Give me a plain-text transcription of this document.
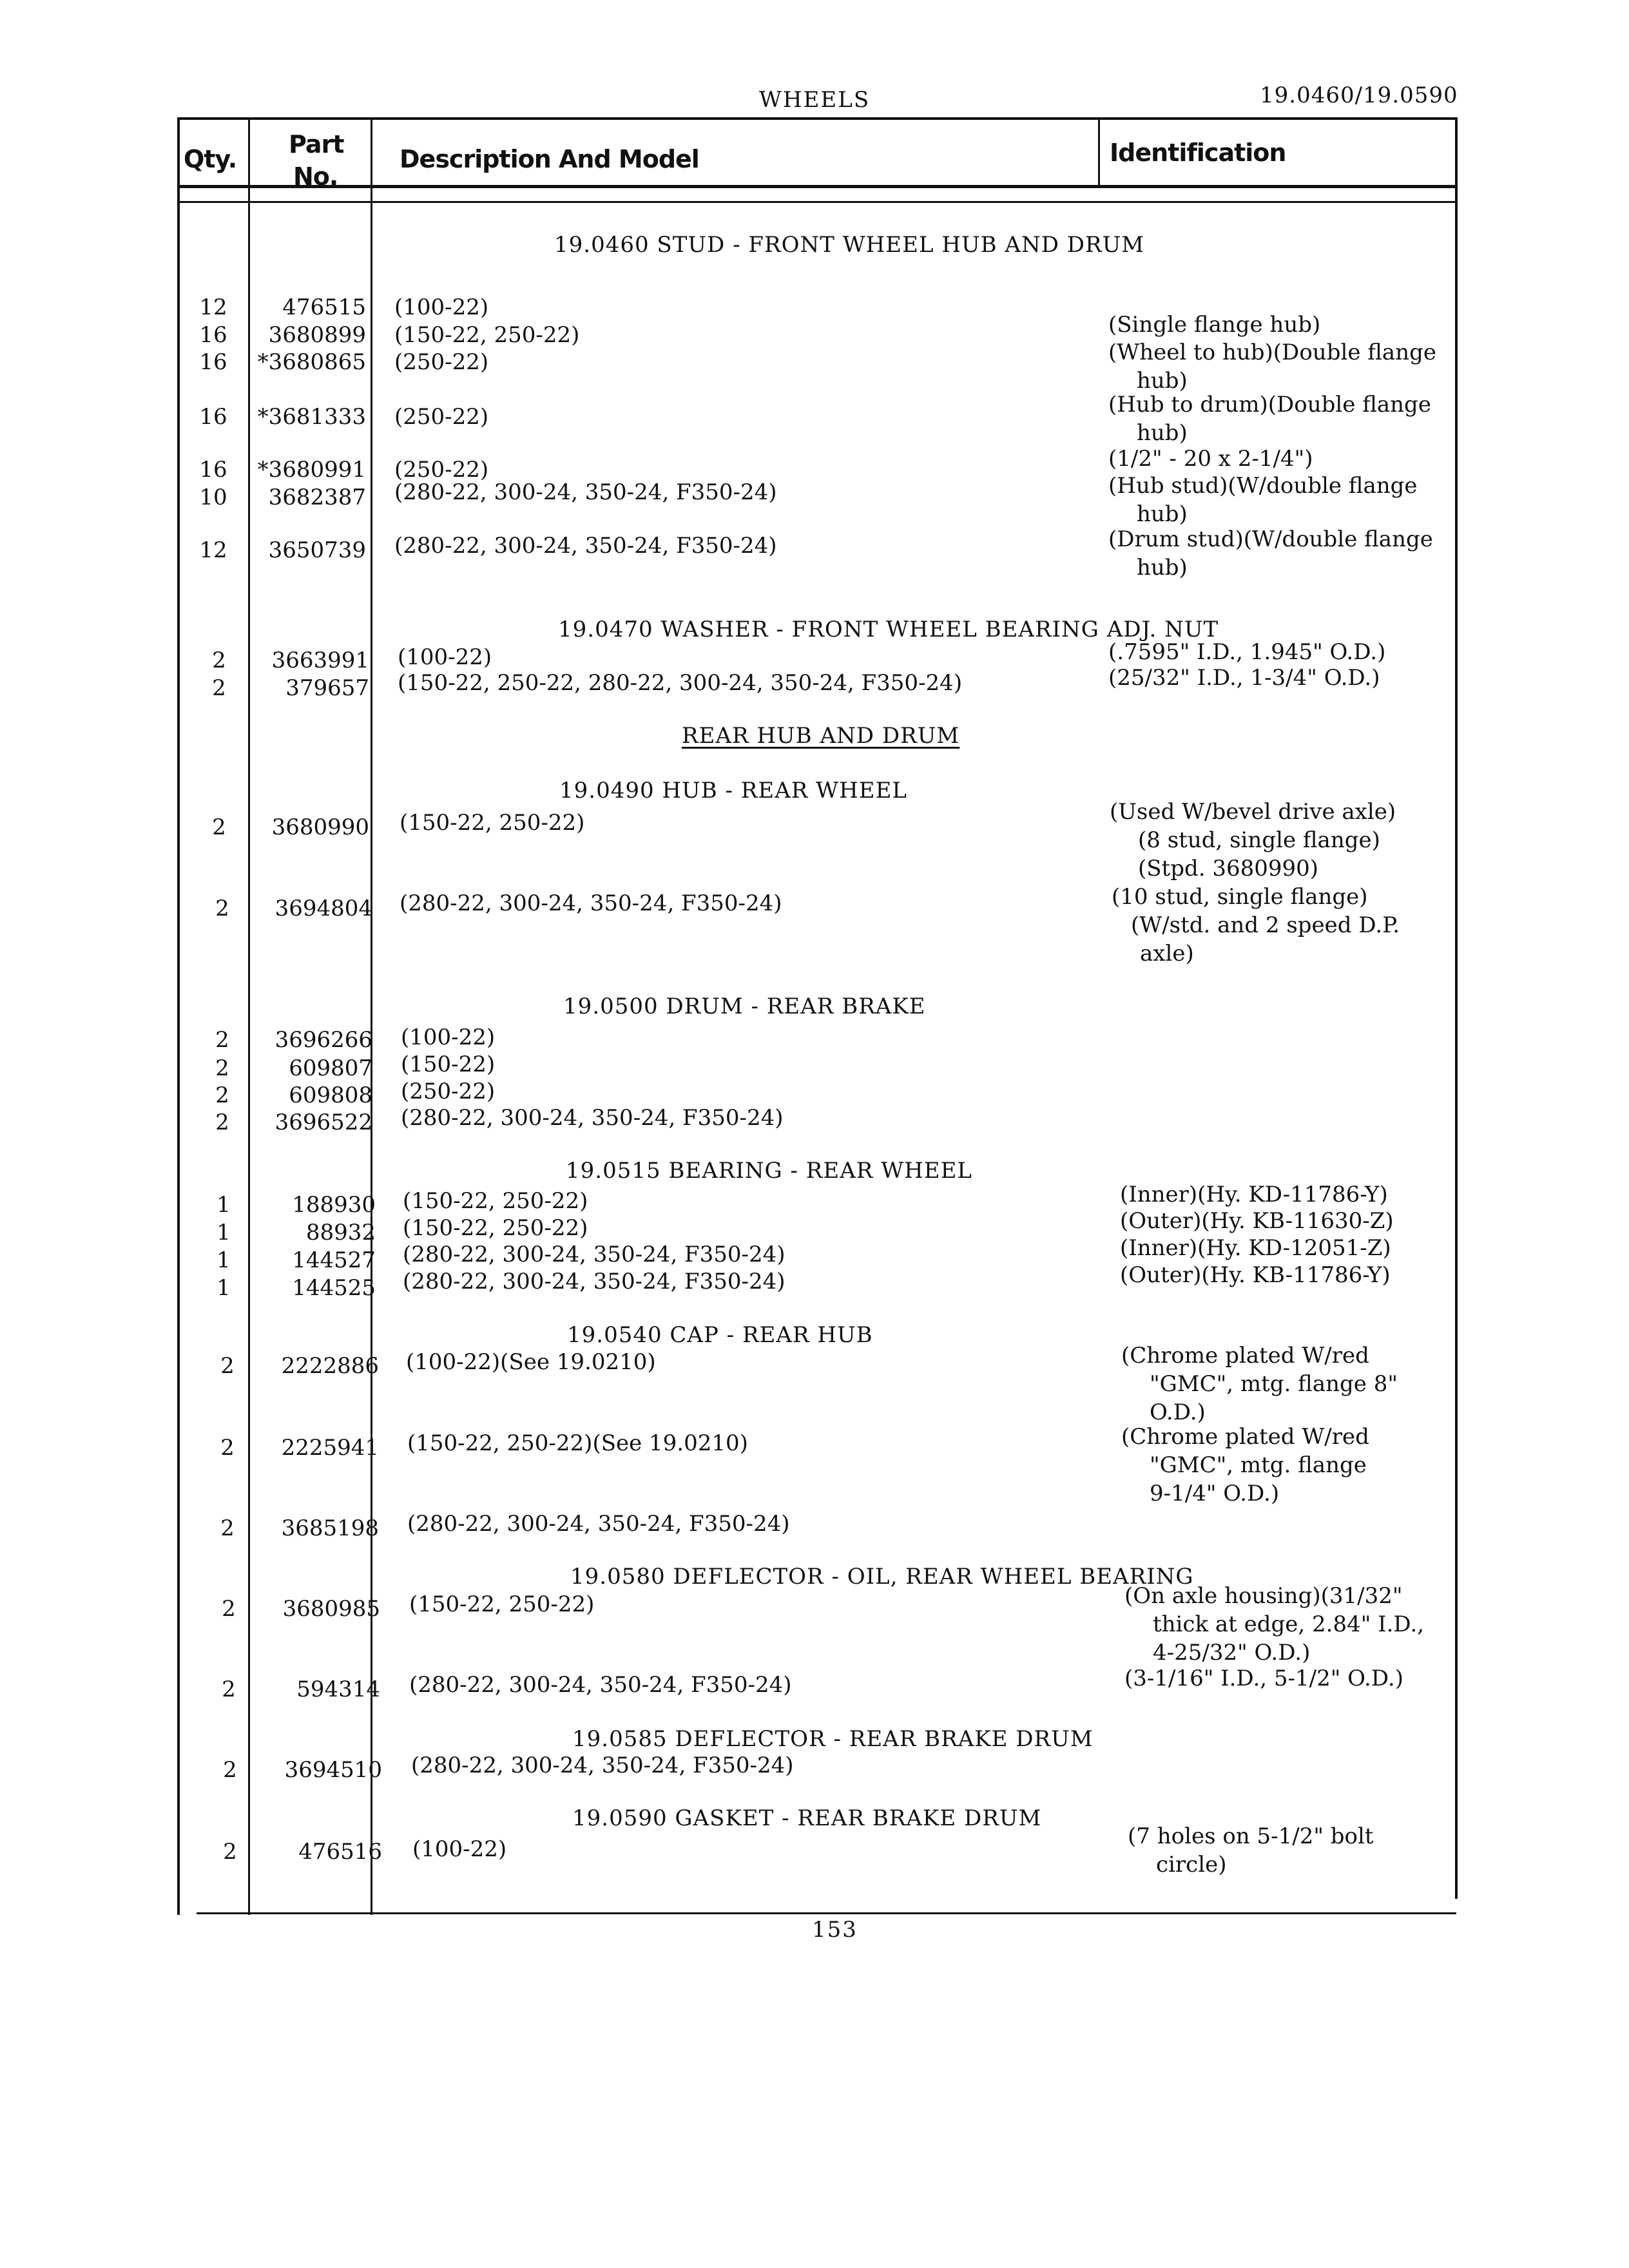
WHEELS	19.0460/19.0590
Qty.
Part
No.
Description And Model	Identification
19.0460 STUD - FRONT WHEEL HUB AND DRUM
19.0470 WASHER - FRONT WHEEL BEARING ADJ. NUT
REAR HUB AND DRUM
19.0490 HUB - REAR WHEEL
19.0500 DRUM - REAR BRAKE
19.0515 BEARING - REAR WHEEL
19.0540 CAP - REAR HUB
19.0580 DEFLECTOR - OIL, REAR WHEEL BEARING
19.0585 DEFLECTOR - REAR BRAKE DRUM
19.0590 GASKET - REAR BRAKE DRUM
12	476515 (100-22)
16	3680899 (150-22, 250-22)	(Single flange hub)
16	*3680865 (250-22)	(Wheel to hub)(Double flange
hub)
16	*3681333 (250-22)	(Hub to drum)(Double flange
hub)
16	*3680991 (250-22)	(1/2" - 20 x 2-1/4")
10	3682387 (280-22, 300-24, 350-24, F350-24)	(Hub stud)(W/double flange
hub)
12	3650739 (280-22, 300-24, 350-24, F350-24)	(Drum stud)(W/double flange
hub)
2	3663991 (100-22)	(.7595" I.D., 1.945" O.D.)
2	379657 (150-22, 250-22, 280-22, 300-24, 350-24, F350-24)	(25/32" I.D., 1-3/4" O.D.)
2	3680990 (150-22, 250-22)	(Used W/bevel drive axle)
(8 stud, single flange)
(Stpd. 3680990)
2	3694804 (280-22, 300-24, 350-24, F350-24)	(10 stud, single flange)
(W/std. and 2 speed D.P.
axle)
2	3696266 (100-22)
2	609807 (150-22)
2	609808 (250-22)
2	3696522 (280-22, 300-24, 350-24, F350-24)
1	188930 (150-22, 250-22)	(Inner)(Hy. KD-11786-Y)
1	88932 (150-22, 250-22)	(Outer)(Hy. KB-11630-Z)
1	144527 (280-22, 300-24, 350-24, F350-24)	(Inner)(Hy. KD-12051-Z)
1	144525 (280-22, 300-24, 350-24, F350-24)	(Outer)(Hy. KB-11786-Y)
2	2222886 (100-22)(See 19.0210)	(Chrome plated W/red
"GMC", mtg. flange 8"
O.D.)
2	2225941 (150-22, 250-22)(See 19.0210)	(Chrome plated W/red
"GMC", mtg. flange
9-1/4" O.D.)
2	3685198 (280-22, 300-24, 350-24, F350-24)
2	3680985 (150-22, 250-22)	(On axle housing)(31/32"
thick at edge, 2.84" I.D.,
4-25/32" O.D.)
2	594314 (280-22, 300-24, 350-24, F350-24)	(3-1/16" I.D., 5-1/2" O.D.)
2	3694510 (280-22, 300-24, 350-24, F350-24)
2	476516 (100-22)	(7 holes on 5-1/2" bolt
circle)
153
